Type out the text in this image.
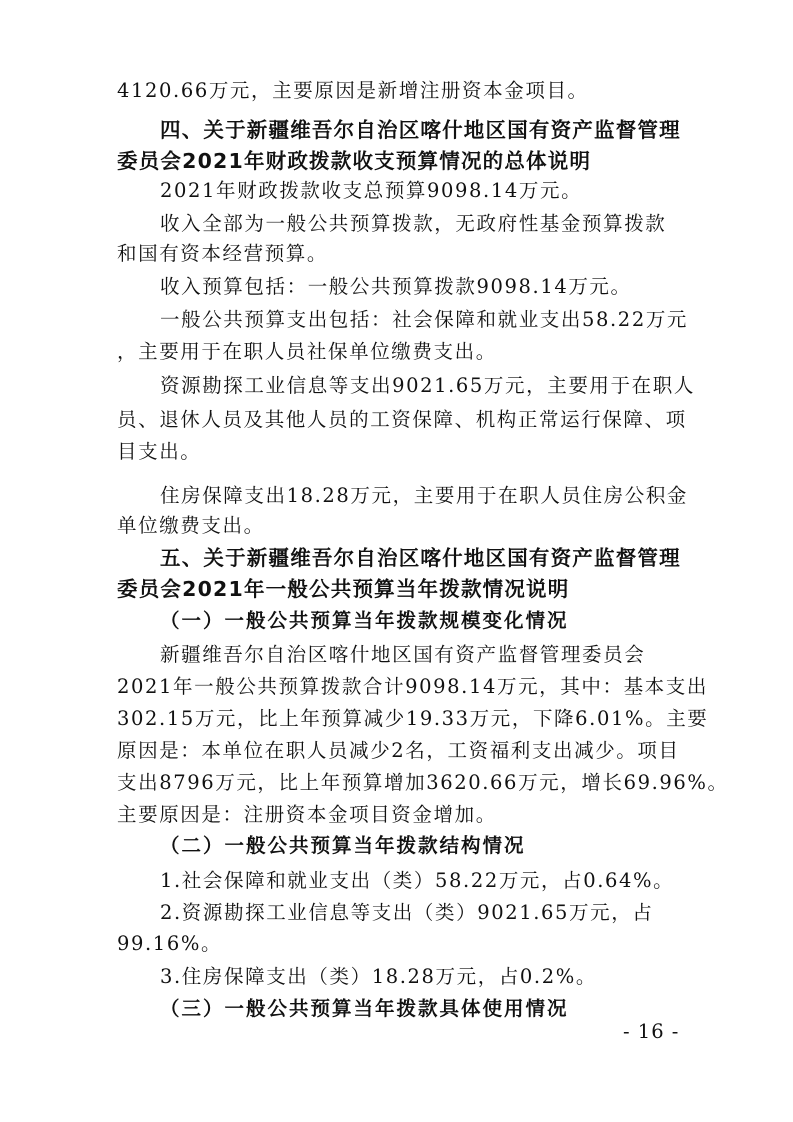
4120.66万元，主要原因是新增注册资本金项目。
四、关于新疆维吾尔自治区喀什地区国有资产监督管理
委员会2021年财政拨款收支预算情况的总体说明
2021年财政拨款收支总预算9098.14万元。
收入全部为一般公共预算拨款，无政府性基金预算拨款
和国有资本经营预算。
收入预算包括：一般公共预算拨款9098.14万元。
一般公共预算支出包括：社会保障和就业支出58.22万元
，主要用于在职人员社保单位缴费支出。
资源勘探工业信息等支出9021.65万元，主要用于在职人
员、退休人员及其他人员的工资保障、机构正常运行保障、项
目支出。
住房保障支出18.28万元，主要用于在职人员住房公积金
单位缴费支出。
五、关于新疆维吾尔自治区喀什地区国有资产监督管理
委员会2021年一般公共预算当年拨款情况说明
（一）一般公共预算当年拨款规模变化情况
新疆维吾尔自治区喀什地区国有资产监督管理委员会
2021年一般公共预算拨款合计9098.14万元，其中：基本支出
302.15万元，比上年预算减少19.33万元，下降6.01%。主要
原因是：本单位在职人员减少2名，工资福利支出减少。项目
支出8796万元，比上年预算增加3620.66万元，增长69.96%。
主要原因是：注册资本金项目资金增加。
（二）一般公共预算当年拨款结构情况
1.社会保障和就业支出（类）58.22万元，占0.64%。
2.资源勘探工业信息等支出（类）9021.65万元，占
99.16%。
3.住房保障支出（类）18.28万元，占0.2%。
（三）一般公共预算当年拨款具体使用情况
- 16 -
